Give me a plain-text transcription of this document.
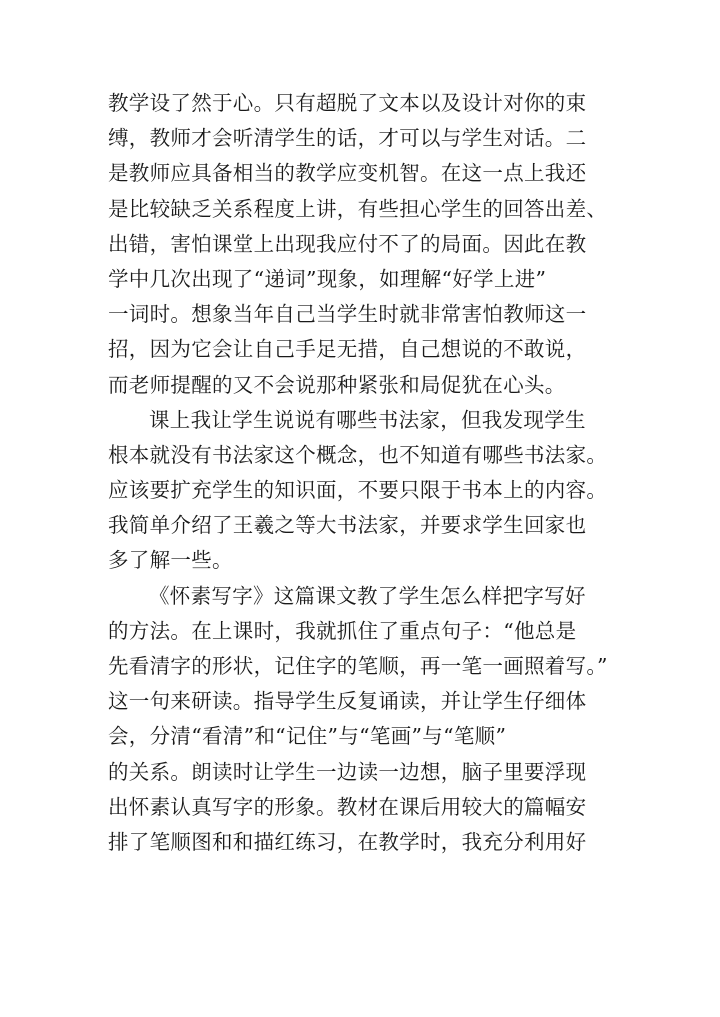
教学设了然于心。只有超脱了文本以及设计对你的束
缚，教师才会听清学生的话，才可以与学生对话。二
是教师应具备相当的教学应变机智。在这一点上我还
是比较缺乏关系程度上讲，有些担心学生的回答出差、
出错，害怕课堂上出现我应付不了的局面。因此在教
学中几次出现了“递词”现象，如理解“好学上进”
一词时。想象当年自己当学生时就非常害怕教师这一
招，因为它会让自己手足无措，自己想说的不敢说，
而老师提醒的又不会说那种紧张和局促犹在心头。
课上我让学生说说有哪些书法家，但我发现学生
根本就没有书法家这个概念，也不知道有哪些书法家。
应该要扩充学生的知识面，不要只限于书本上的内容。
我简单介绍了王羲之等大书法家，并要求学生回家也
多了解一些。
《怀素写字》这篇课文教了学生怎么样把字写好
的方法。在上课时，我就抓住了重点句子：“他总是
先看清字的形状，记住字的笔顺，再一笔一画照着写。”
这一句来研读。指导学生反复诵读，并让学生仔细体
会，分清“看清”和“记住”与“笔画”与“笔顺”
的关系。朗读时让学生一边读一边想，脑子里要浮现
出怀素认真写字的形象。教材在课后用较大的篇幅安
排了笔顺图和和描红练习，在教学时，我充分利用好
